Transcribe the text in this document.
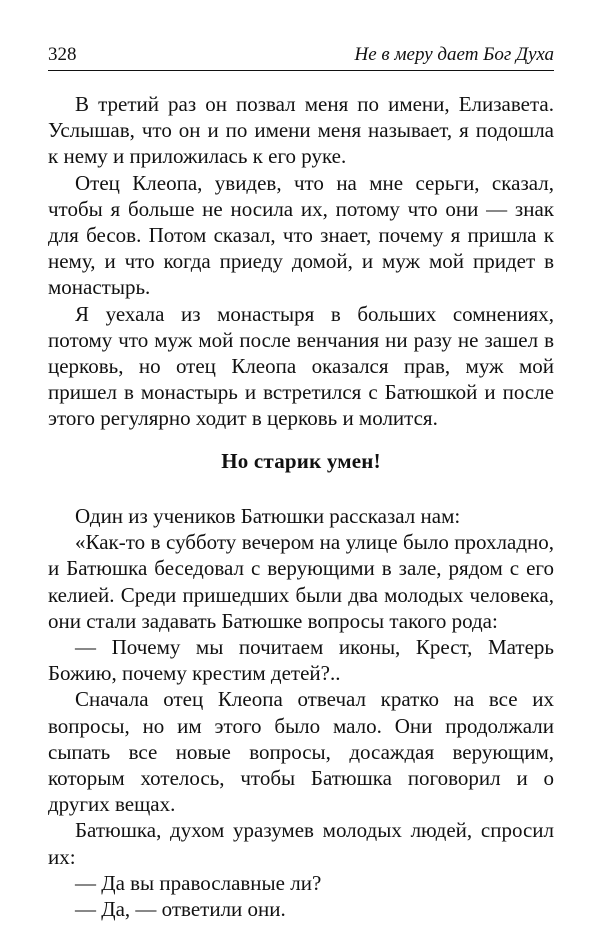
328	Не в меру дает Бог Духа

В третий раз он позвал меня по имени, Елизавета. Услышав, что он и по имени меня называет, я подошла к нему и приложилась к его руке.

Отец Клеопа, увидев, что на мне серьги, сказал, чтобы я больше не носила их, потому что они — знак для бесов. Потом сказал, что знает, почему я пришла к нему, и что когда приеду домой, и муж мой придет в монастырь.

Я уехала из монастыря в больших сомнениях, потому что муж мой после венчания ни разу не зашел в церковь, но отец Клеопа оказался прав, муж мой пришел в монастырь и встретился с Батюшкой и после этого регулярно ходит в церковь и молится.

Но старик умен!

Один из учеников Батюшки рассказал нам:

«Как-то в субботу вечером на улице было прохладно, и Батюшка беседовал с верующими в зале, рядом с его келией. Среди пришедших были два молодых человека, они стали задавать Батюшке вопросы такого рода:

— Почему мы почитаем иконы, Крест, Матерь Божию, почему крестим детей?..

Сначала отец Клеопа отвечал кратко на все их вопросы, но им этого было мало. Они продолжали сыпать все новые вопросы, досаждая верующим, которым хотелось, чтобы Батюшка поговорил и о других вещах.

Батюшка, духом уразумев молодых людей, спросил их:

— Да вы православные ли?

— Да, — ответили они.
